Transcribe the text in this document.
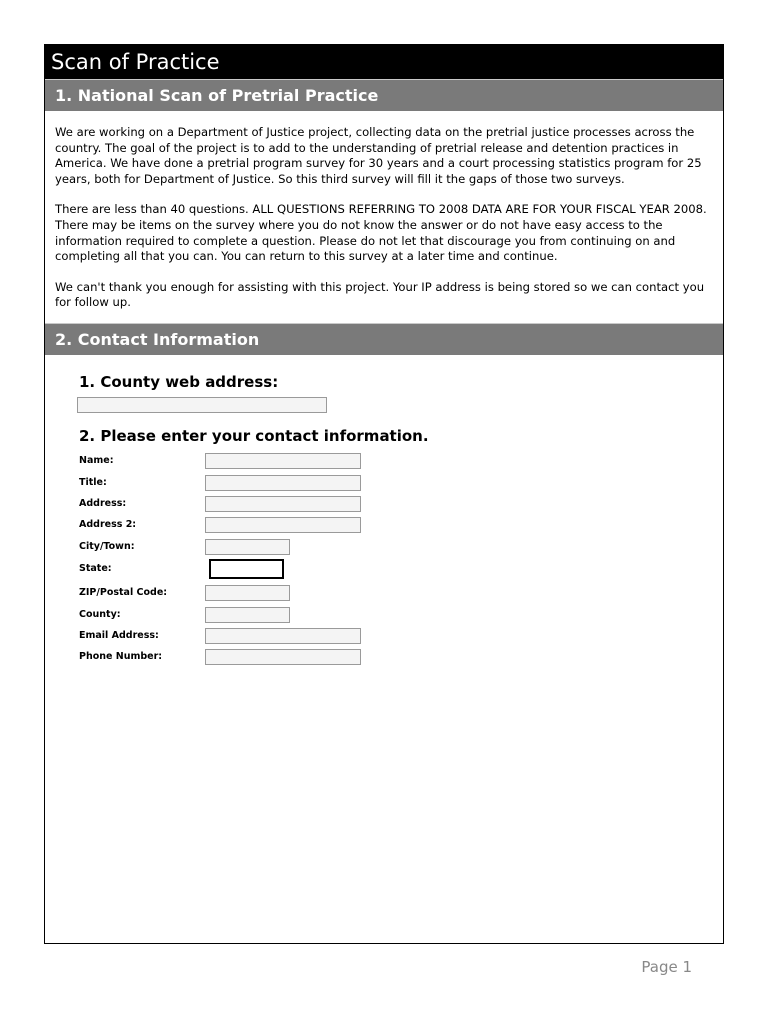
Scan of Practice
1. National Scan of Pretrial Practice

We are working on a Department of Justice project, collecting data on the pretrial justice processes across the country. The goal of the project is to add to the understanding of pretrial release and detention practices in America. We have done a pretrial program survey for 30 years and a court processing statistics program for 25 years, both for Department of Justice. So this third survey will fill it the gaps of those two surveys.

There are less than 40 questions. ALL QUESTIONS REFERRING TO 2008 DATA ARE FOR YOUR FISCAL YEAR 2008. There may be items on the survey where you do not know the answer or do not have easy access to the information required to complete a question. Please do not let that discourage you from continuing on and completing all that you can. You can return to this survey at a later time and continue.

We can't thank you enough for assisting with this project. Your IP address is being stored so we can contact you for follow up.

2. Contact Information
1. County web address:
2. Please enter your contact information.
Name:
Title:
Address:
Address 2:
City/Town:
State:
ZIP/Postal Code:
County:
Email Address:
Phone Number:
Page 1
